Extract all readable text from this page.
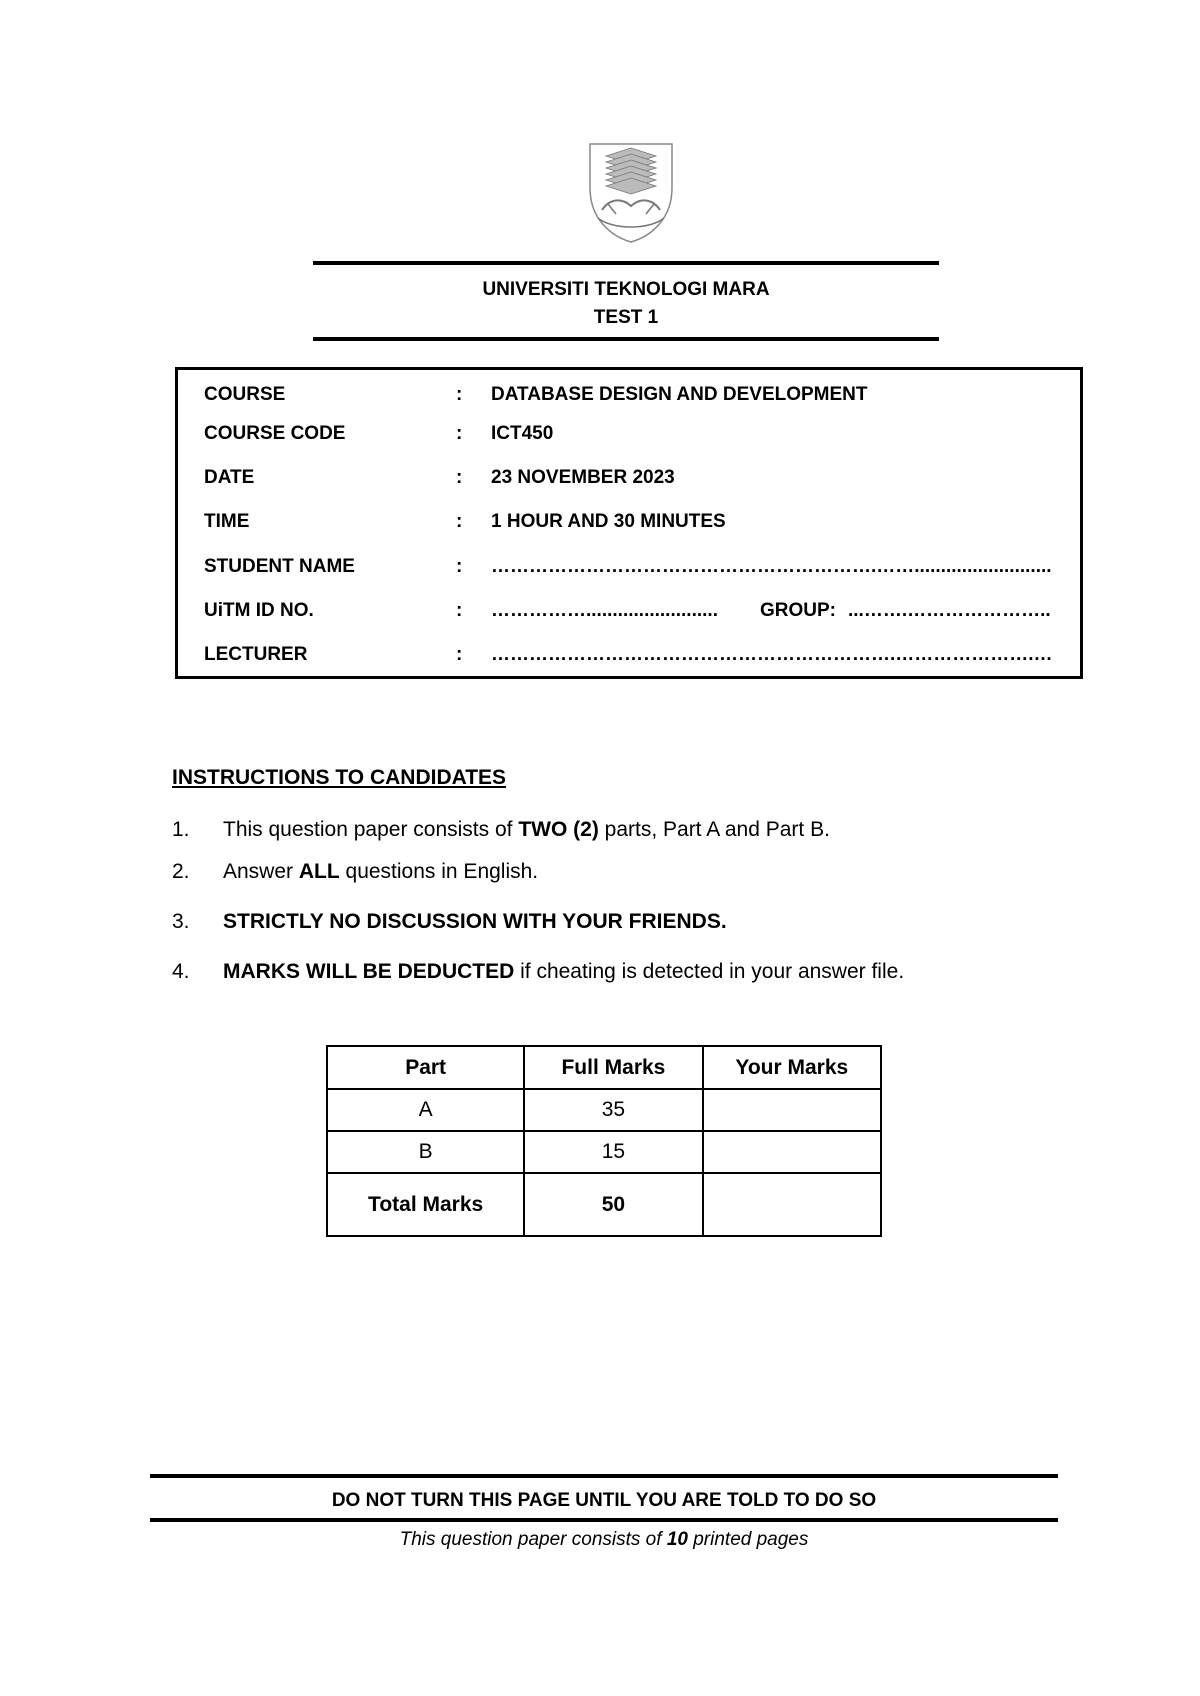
UNIVERSITI TEKNOLOGI MARA
TEST 1
COURSE	: DATABASE DESIGN AND DEVELOPMENT
COURSE CODE	: ICT450
DATE	: 23 NOVEMBER 2023
TIME	: 1 HOUR AND 30 MINUTES
STUDENT NAME	: …………………………………………………….……..........................
UiTM ID NO.	: ……………......................... GROUP: ...…….…………………..
LECTURER	: ……………………………………………………….………………….…
INSTRUCTIONS TO CANDIDATES
1. This question paper consists of TWO (2) parts, Part A and Part B.
2. Answer ALL questions in English.
3. STRICTLY NO DISCUSSION WITH YOUR FRIENDS.
4. MARKS WILL BE DEDUCTED if cheating is detected in your answer file.
Part	Full Marks	Your Marks
A	35	
B	15	
Total Marks	50	
DO NOT TURN THIS PAGE UNTIL YOU ARE TOLD TO DO SO
This question paper consists of 10 printed pages
